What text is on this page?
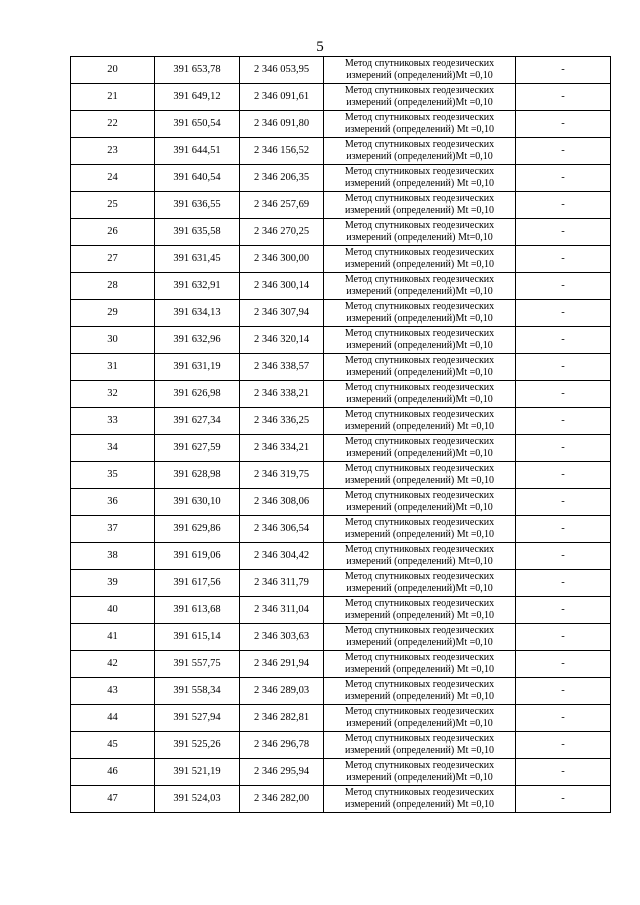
5
20	391 653,78	2 346 053,95	Метод спутниковых геодезических
измерений (определений)Mt =0,10	-
21	391 649,12	2 346 091,61	Метод спутниковых геодезических
измерений (определений)Mt =0,10	-
22	391 650,54	2 346 091,80	Метод спутниковых геодезических
измерений (определений) Mt =0,10	-
23	391 644,51	2 346 156,52	Метод спутниковых геодезических
измерений (определений)Mt =0,10	-
24	391 640,54	2 346 206,35	Метод спутниковых геодезических
измерений (определений) Mt =0,10	-
25	391 636,55	2 346 257,69	Метод спутниковых геодезических
измерений (определений) Mt =0,10	-
26	391 635,58	2 346 270,25	Метод спутниковых геодезических
измерений (определений) Mt=0,10	-
27	391 631,45	2 346 300,00	Метод спутниковых геодезических
измерений (определений) Mt =0,10	-
28	391 632,91	2 346 300,14	Метод спутниковых геодезических
измерений (определений)Mt =0,10	-
29	391 634,13	2 346 307,94	Метод спутниковых геодезических
измерений (определений)Mt =0,10	-
30	391 632,96	2 346 320,14	Метод спутниковых геодезических
измерений (определений)Mt =0,10	-
31	391 631,19	2 346 338,57	Метод спутниковых геодезических
измерений (определений)Mt =0,10	-
32	391 626,98	2 346 338,21	Метод спутниковых геодезических
измерений (определений)Mt =0,10	-
33	391 627,34	2 346 336,25	Метод спутниковых геодезических
измерений (определений) Mt =0,10	-
34	391 627,59	2 346 334,21	Метод спутниковых геодезических
измерений (определений)Mt =0,10	-
35	391 628,98	2 346 319,75	Метод спутниковых геодезических
измерений (определений) Mt =0,10	-
36	391 630,10	2 346 308,06	Метод спутниковых геодезических
измерений (определений)Mt =0,10	-
37	391 629,86	2 346 306,54	Метод спутниковых геодезических
измерений (определений) Mt =0,10	-
38	391 619,06	2 346 304,42	Метод спутниковых геодезических
измерений (определений) Mt=0,10	-
39	391 617,56	2 346 311,79	Метод спутниковых геодезических
измерений (определений)Mt =0,10	-
40	391 613,68	2 346 311,04	Метод спутниковых геодезических
измерений (определений) Mt =0,10	-
41	391 615,14	2 346 303,63	Метод спутниковых геодезических
измерений (определений)Mt =0,10	-
42	391 557,75	2 346 291,94	Метод спутниковых геодезических
измерений (определений) Mt =0,10	-
43	391 558,34	2 346 289,03	Метод спутниковых геодезических
измерений (определений) Mt =0,10	-
44	391 527,94	2 346 282,81	Метод спутниковых геодезических
измерений (определений)Mt =0,10	-
45	391 525,26	2 346 296,78	Метод спутниковых геодезических
измерений (определений) Mt =0,10	-
46	391 521,19	2 346 295,94	Метод спутниковых геодезических
измерений (определений)Mt =0,10	-
47	391 524,03	2 346 282,00	Метод спутниковых геодезических
измерений (определений) Mt =0,10	-
